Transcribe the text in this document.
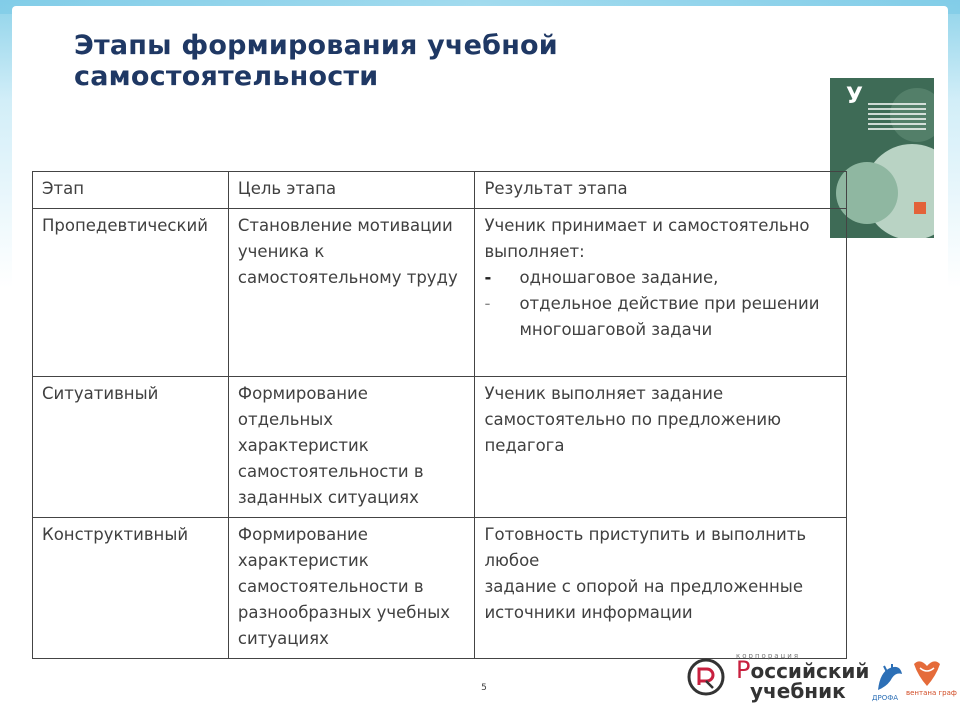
Этапы формирования учебной самостоятельности
У
Этап	Цель этапа	Результат этапа
Пропедевтический	Становление мотивации ученика к самостоятельному труду	Ученик принимает и самостоятельно выполняет:
- одношаговое задание,
- отдельное действие при решении многошаговой задачи

Ситуативный	Формирование отдельных характеристик самостоятельности в заданных ситуациях	Ученик выполняет задание самостоятельно по предложению педагога
Конструктивный	Формирование характеристик самостоятельности в разнообразных учебных ситуациях	Готовность приступить и выполнить любое
задание с опорой на предложенные источники информации
5
корпорация
Российский
учебник	ДРОФА
вентана граф
